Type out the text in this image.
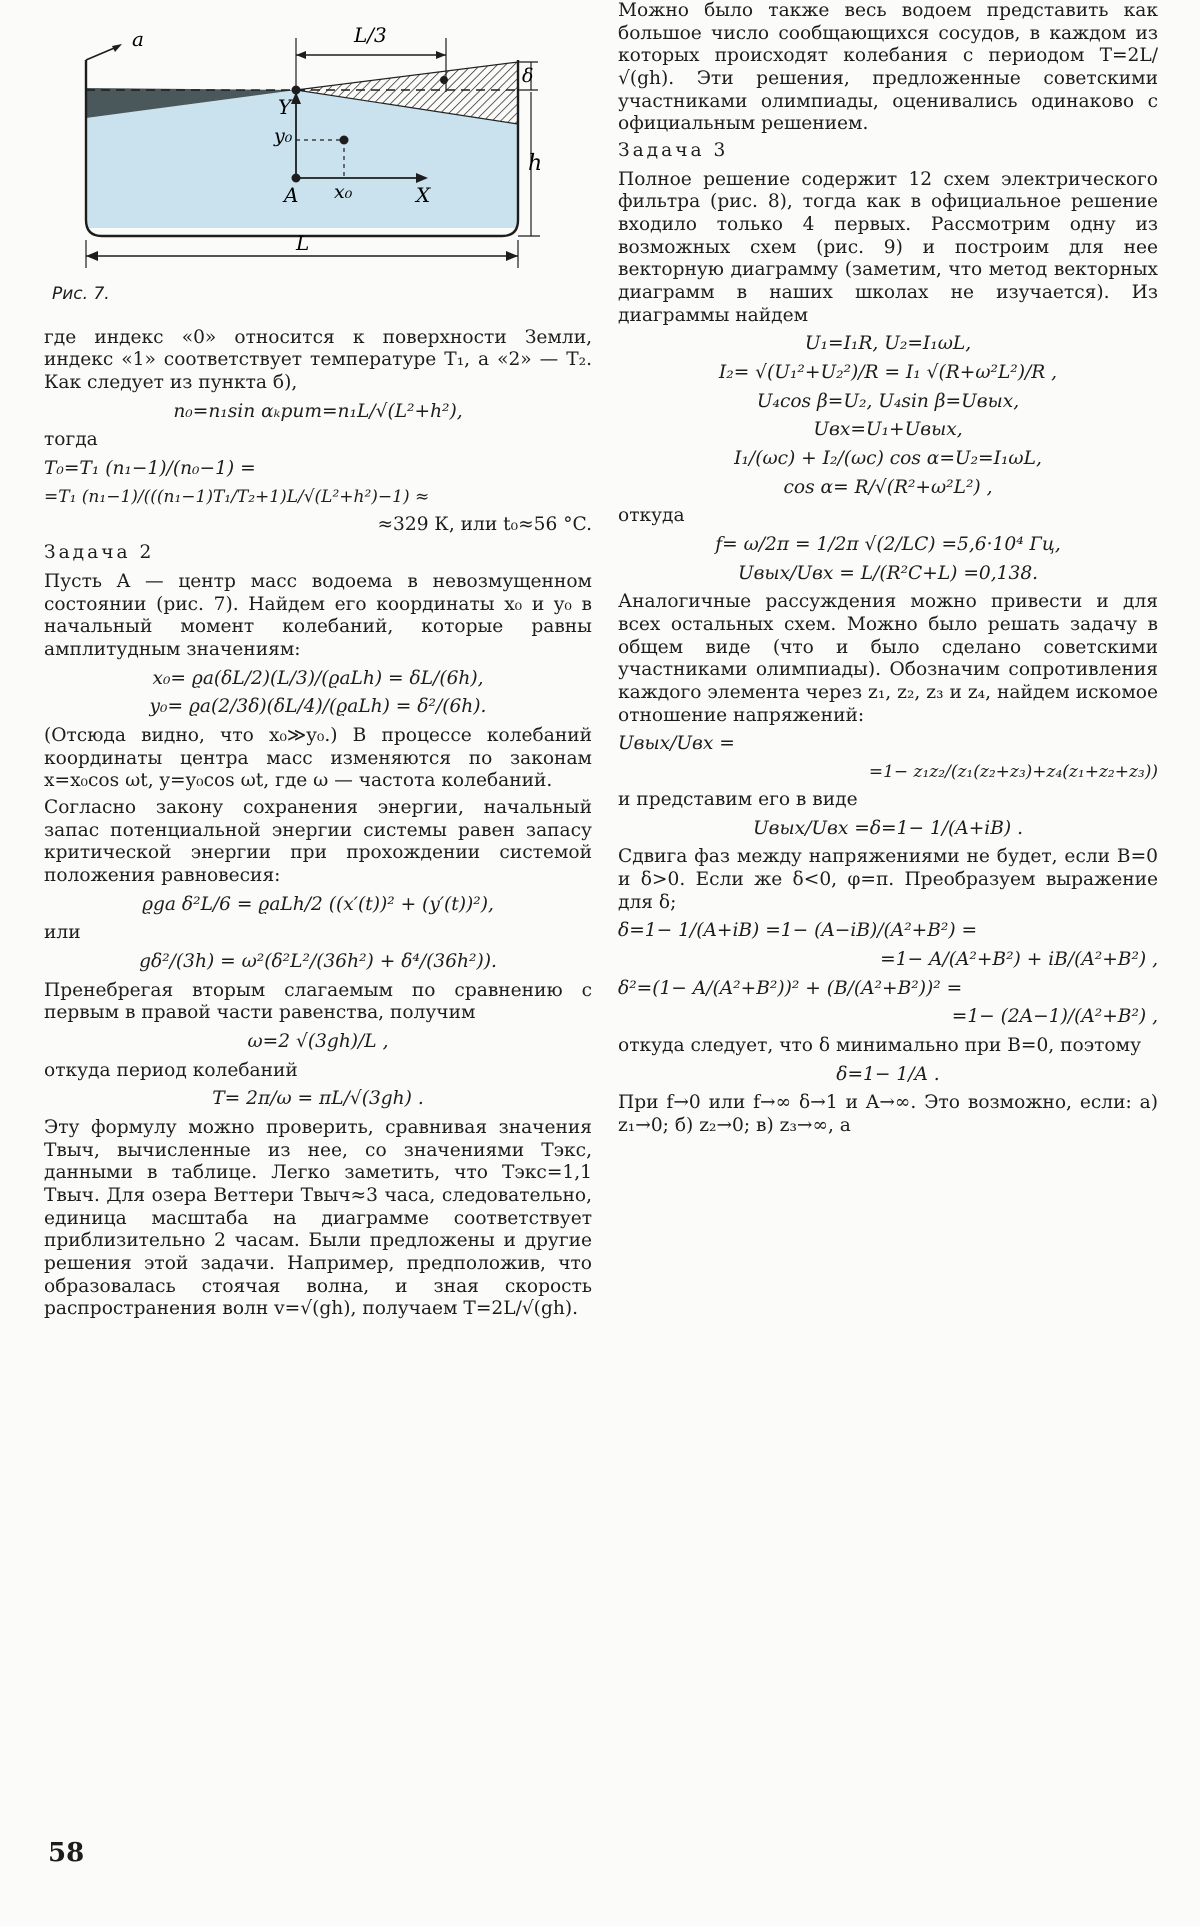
a	L/3
δ
h
Y
y₀
A x₀	X
L
Рис. 7.

где индекс «0» относится к поверхности Земли, индекс «1» соответствует температуре T₁, а «2» — T₂. Как следует из пункта б),

n₀=n₁sin αₖрит=n₁L/√(L²+h²),

тогда

T₀=T₁ (n₁−1)/(n₀−1) =
=T₁ (n₁−1)/(((n₁−1)T₁/T₂+1)L/√(L²+h²)−1) ≈
≈329 К, или t₀≈56 °C.
Задача 2

Пусть A — центр масс водоема в невозмущенном состоянии (рис. 7). Найдем его координаты x₀ и y₀ в начальный момент колебаний, которые равны амплитудным значениям:

x₀= ϱa(δL/2)(L/3)/(ϱaLh) = δL/(6h),
y₀= ϱa(2/3δ)(δL/4)/(ϱaLh) = δ²/(6h).

(Отсюда видно, что x₀≫y₀.) В процессе колебаний координаты центра масс изменяются по законам x=x₀cos ωt, y=y₀cos ωt, где ω — частота колебаний.

Согласно закону сохранения энергии, начальный запас потенциальной энергии системы равен запасу критической энергии при прохождении системой положения равновесия:

ϱga δ²L/6 = ϱaLh/2 ((x′(t))² + (y′(t))²),

или

gδ²/(3h) = ω²(δ²L²/(36h²) + δ⁴/(36h²)).

Пренебрегая вторым слагаемым по сравнению с первым в правой части равенства, получим

ω=2 √(3gh)/L ,

откуда период колебаний

T= 2π/ω = πL/√(3gh) .

Эту формулу можно проверить, сравнивая значения Tвыч, вычисленные из нее, со значениями Tэкс, данными в таблице. Легко заметить, что Tэкс=1,1 Tвыч. Для озера Веттери Tвыч≈3 часа, следовательно, единица масштаба на диаграмме соответствует приблизительно 2 часам. Были предложены и другие решения этой задачи. Например, предположив, что образовалась стоячая волна, и зная скорость распространения волн v=√(gh), получаем T=2L/√(gh).

Можно было также весь водоем представить как большое число сообщающихся сосудов, в каждом из которых происходят колебания с периодом T=2L/√(gh). Эти решения, предложенные советскими участниками олимпиады, оценивались одинаково с официальным решением.

Задача 3

Полное решение содержит 12 схем электрического фильтра (рис. 8), тогда как в официальное решение входило только 4 первых. Рассмотрим одну из возможных схем (рис. 9) и построим для нее векторную диаграмму (заметим, что метод векторных диаграмм в наших школах не изучается). Из диаграммы найдем

U₁=I₁R, U₂=I₁ωL,
I₂= √(U₁²+U₂²)/R = I₁ √(R+ω²L²)/R ,
U₄cos β=U₂, U₄sin β=Uвых,
Uвх=U₁+Uвых,
I₁/(ωc) + I₂/(ωc) cos α=U₂=I₁ωL,
cos α= R/√(R²+ω²L²) ,

откуда

f= ω/2π = 1/2π √(2/LC) =5,6·10⁴ Гц,
Uвых/Uвх = L/(R²C+L) =0,138.

Аналогичные рассуждения можно привести и для всех остальных схем. Можно было решать задачу в общем виде (что и было сделано советскими участниками олимпиады). Обозначим сопротивления каждого элемента через z₁, z₂, z₃ и z₄, найдем искомое отношение напряжений:

Uвых/Uвх =
=1− z₁z₂/(z₁(z₂+z₃)+z₄(z₁+z₂+z₃))

и представим его в виде

Uвых/Uвх =δ=1− 1/(A+iB) .

Сдвига фаз между напряжениями не будет, если B=0 и δ>0. Если же δ<0, φ=π. Преобразуем выражение для δ;

δ=1− 1/(A+iB) =1− (A−iB)/(A²+B²) =
=1− A/(A²+B²) + iB/(A²+B²) ,
δ²=(1− A/(A²+B²))² + (B/(A²+B²))² =
=1− (2A−1)/(A²+B²) ,

откуда следует, что δ минимально при B=0, поэтому

δ=1− 1/A .

При f→0 или f→∞ δ→1 и A→∞. Это возможно, если: а) z₁→0; б) z₂→0; в) z₃→∞, а

58
